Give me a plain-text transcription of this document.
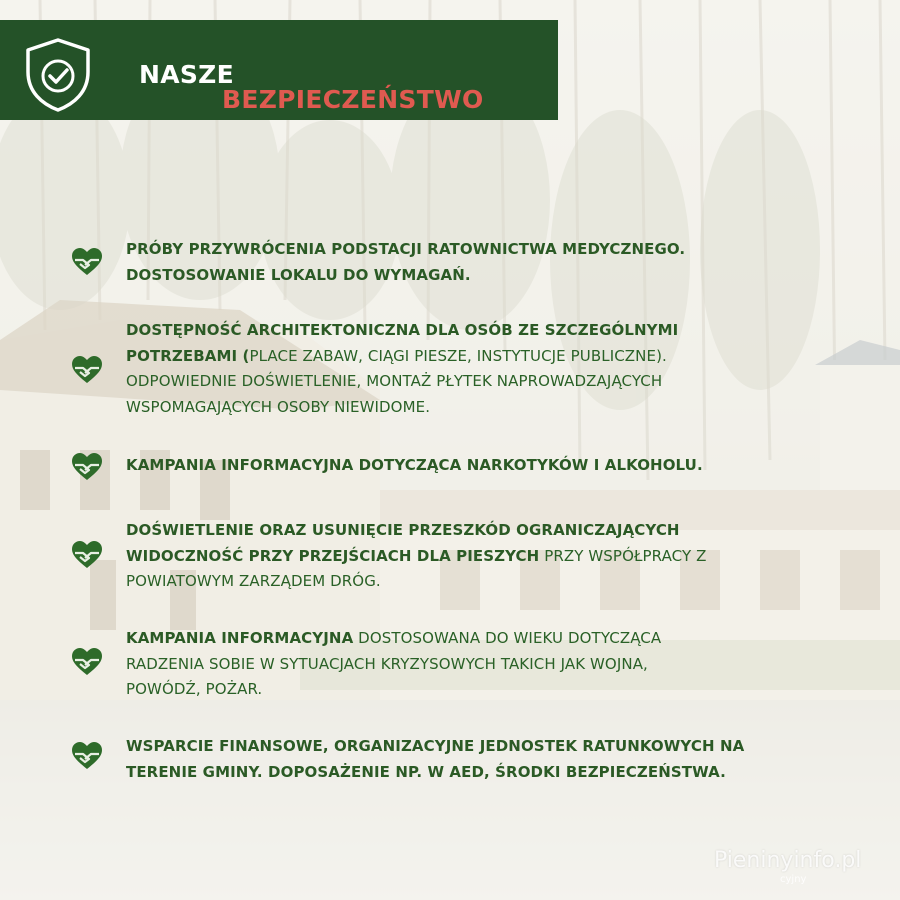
NASZE
BEZPIECZEŃSTWO
PRÓBY PRZYWRÓCENIA PODSTACJI RATOWNICTWA MEDYCZNEGO. DOSTOSOWANIE LOKALU DO WYMAGAŃ.
DOSTĘPNOŚĆ ARCHITEKTONICZNA DLA OSÓB ZE SZCZEGÓLNYMI POTRZEBAMI (PLACE ZABAW, CIĄGI PIESZE, INSTYTUCJE PUBLICZNE). ODPOWIEDNIE DOŚWIETLENIE, MONTAŻ PŁYTEK NAPROWADZAJĄCYCH WSPOMAGAJĄCYCH OSOBY NIEWIDOME.
KAMPANIA INFORMACYJNA DOTYCZĄCA NARKOTYKÓW I ALKOHOLU.
DOŚWIETLENIE ORAZ USUNIĘCIE PRZESZKÓD OGRANICZAJĄCYCH WIDOCZNOŚĆ PRZY PRZEJŚCIACH DLA PIESZYCH PRZY WSPÓŁPRACY Z POWIATOWYM ZARZĄDEM DRÓG.
KAMPANIA INFORMACYJNA DOSTOSOWANA DO WIEKU DOTYCZĄCA RADZENIA SOBIE W SYTUACJACH KRYZYSOWYCH TAKICH JAK WOJNA, POWÓDŹ, POŻAR.
WSPARCIE FINANSOWE, ORGANIZACYJNE JEDNOSTEK RATUNKOWYCH NA TERENIE GMINY. DOPOSAŻENIE NP. W AED, ŚRODKI BEZPIECZEŃSTWA.
Pieninyinfo.pl
cyjny
